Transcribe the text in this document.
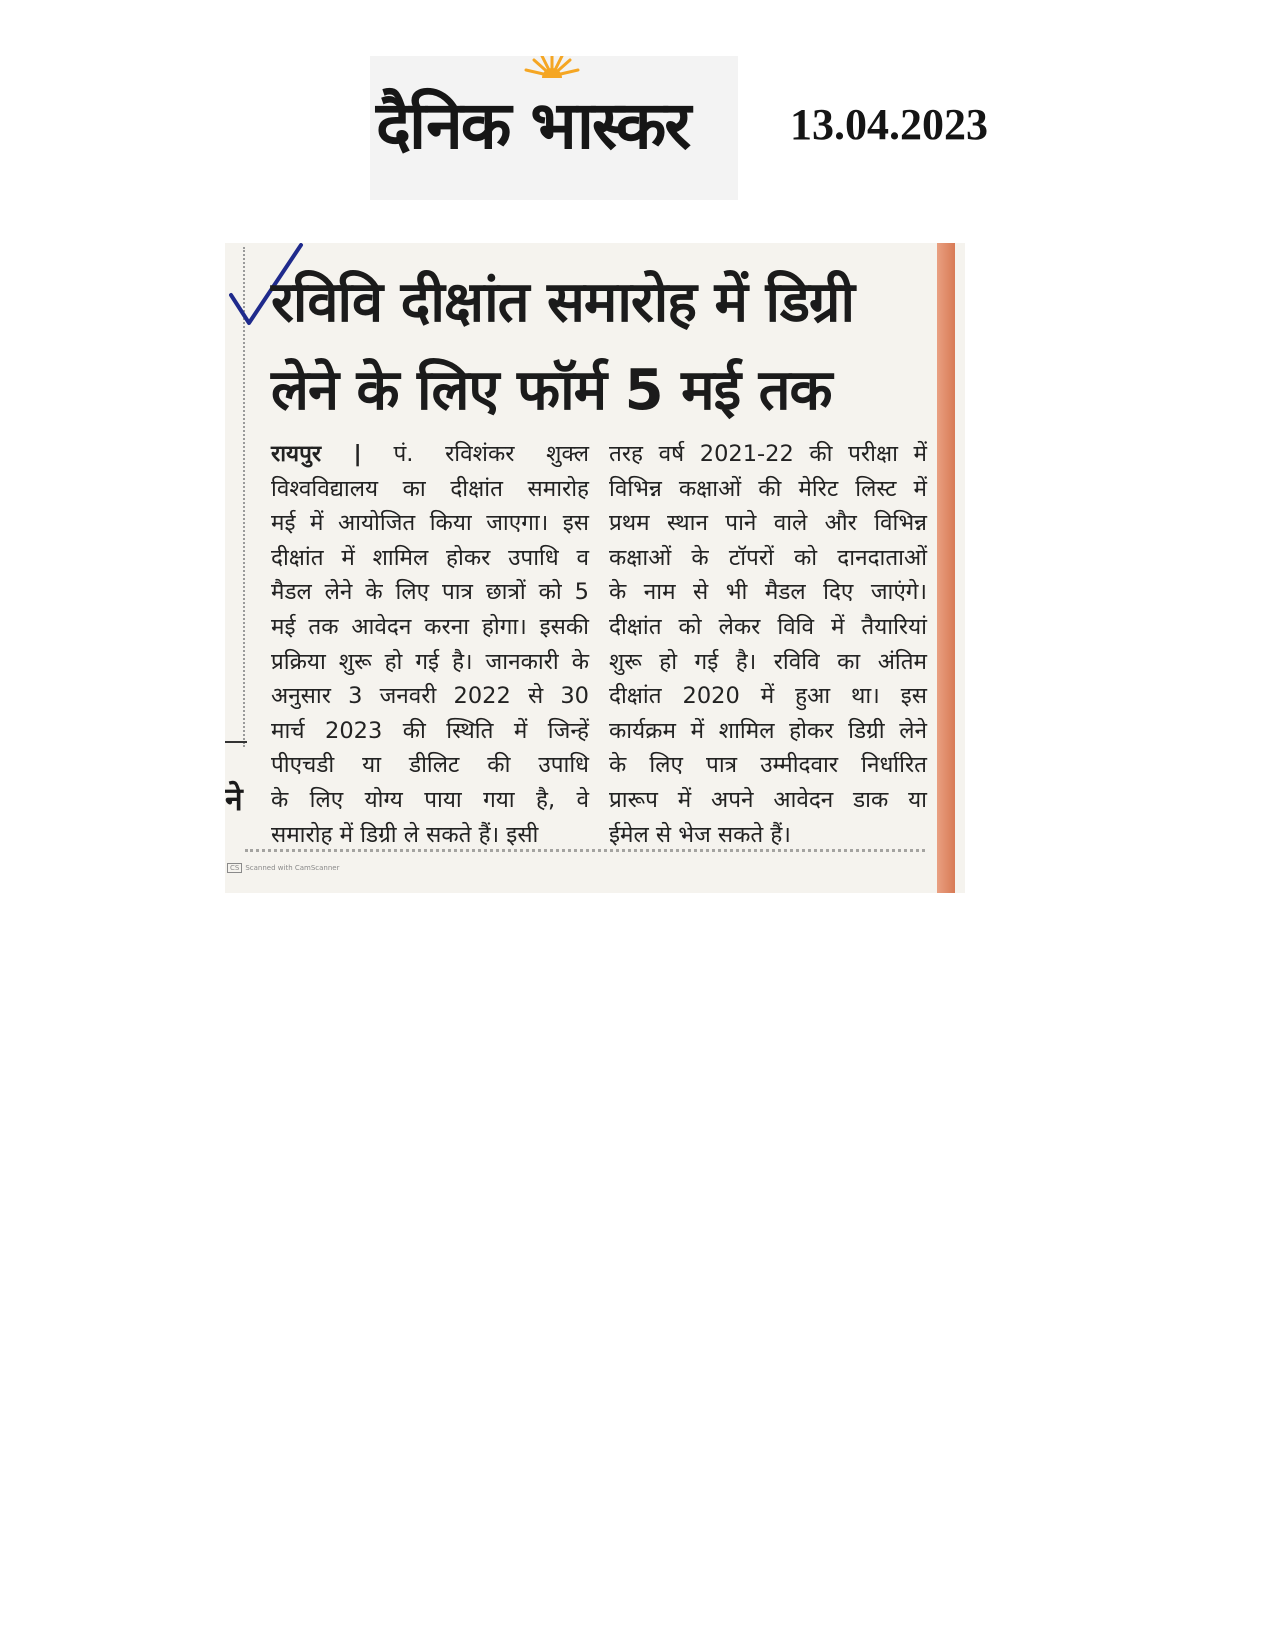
दैनिक भास्कर	13.04.2023
ने
रविवि दीक्षांत समारोह में डिग्री
लेने के लिए फॉर्म 5 मई तक
रायपुर | पं. रविशंकर शुक्ल
विश्वविद्यालय का दीक्षांत समारोह
मई में आयोजित किया जाएगा। इस
दीक्षांत में शामिल होकर उपाधि व
मैडल लेने के लिए पात्र छात्रों को 5
मई तक आवेदन करना होगा। इसकी
प्रक्रिया शुरू हो गई है। जानकारी के
अनुसार 3 जनवरी 2022 से 30
मार्च 2023 की स्थिति में जिन्हें
पीएचडी या डीलिट की उपाधि
के लिए योग्य पाया गया है, वे
समारोह में डिग्री ले सकते हैं। इसी
तरह वर्ष 2021-22 की परीक्षा में
विभिन्न कक्षाओं की मेरिट लिस्ट में
प्रथम स्थान पाने वाले और विभिन्न
कक्षाओं के टॉपरों को दानदाताओं
के नाम से भी मैडल दिए जाएंगे।
दीक्षांत को लेकर विवि में तैयारियां
शुरू हो गई है। रविवि का अंतिम
दीक्षांत 2020 में हुआ था। इस
कार्यक्रम में शामिल होकर डिग्री लेने
के लिए पात्र उम्मीदवार निर्धारित
प्रारूप में अपने आवेदन डाक या
ईमेल से भेज सकते हैं।
CS Scanned with CamScanner
